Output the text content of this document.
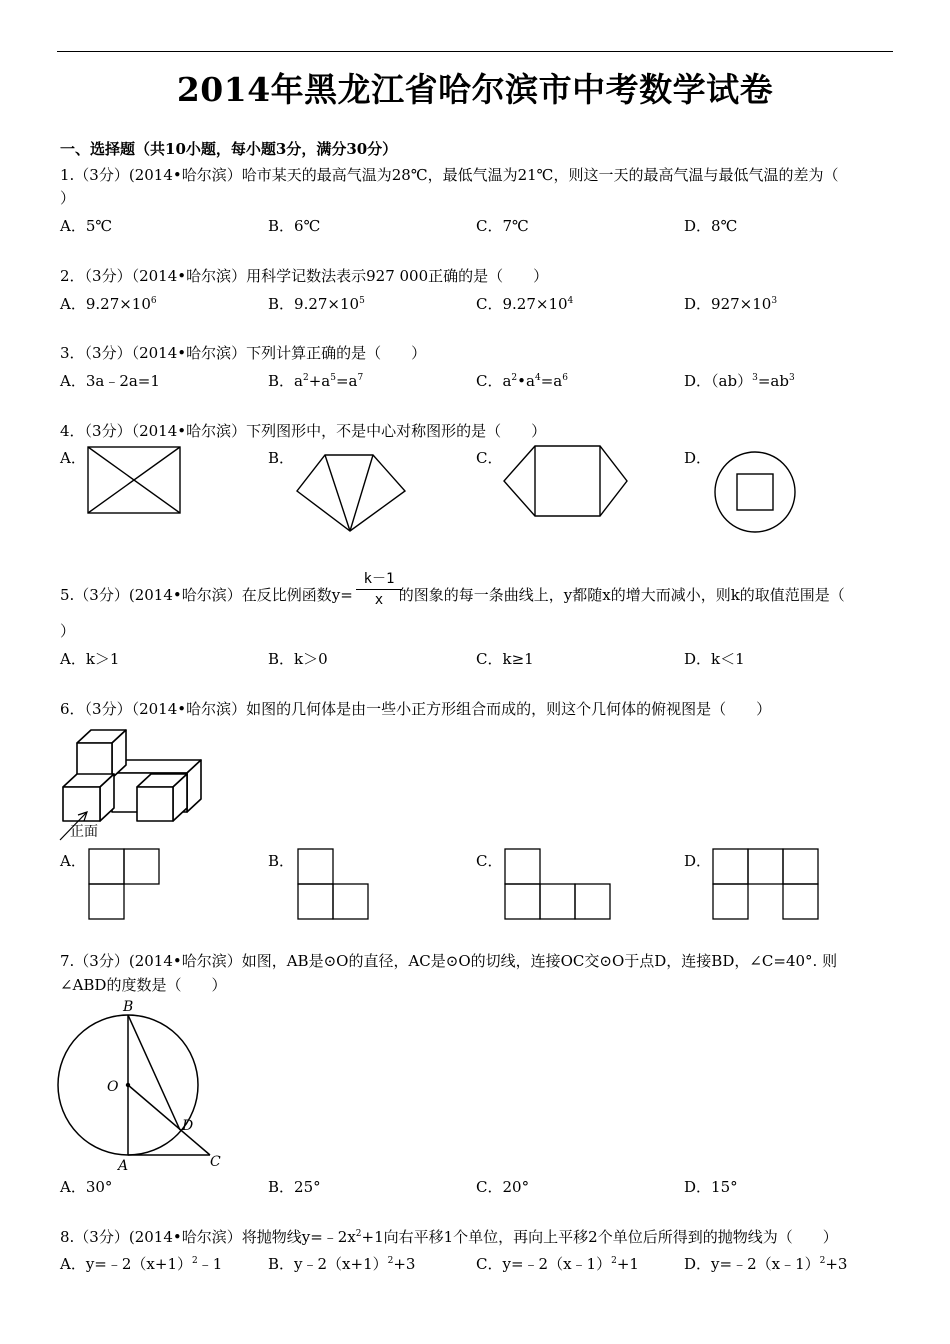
2014年黑龙江省哈尔滨市中考数学试卷
一、选择题（共10小题，每小题3分，满分30分）
1.（3分）(2014•哈尔滨）哈市某天的最高气温为28℃，最低气温为21℃，则这一天的最高气温与最低气温的差为（
）
A．5℃	B．6℃	C．7℃	D．8℃
2．（3分）（2014•哈尔滨）用科学记数法表示927 000正确的是（　　）
A．$9.27\times 10^6$	B．$9.27\times 10^5$	C．$9.27\times 10^4$	D．$927\times 10^3$
3．（3分）（2014•哈尔滨）下列计算正确的是（　　）
A．3a﹣2a=1	B．$a^2+a^5=a^7$	C．$a^2•a^4=a^6$	D．$(ab)^3=ab^3$
4．（3分）（2014•哈尔滨）下列图形中，不是中心对称图形的是（　　）
A．	B．	C．	D．
5.（3分）(2014•哈尔滨）在反比例函数y=	的图象的每一条曲线上，y都随x的增大而减小，则k的取值范围是（
k－1
x
）
A．k＞1	B．k＞0	C．k≥1	D．k＜1
6．（3分）（2014•哈尔滨）如图的几何体是由一些小正方形组合而成的，则这个几何体的俯视图是（　　）
正面
A．	B．	C．	D．
7.（3分）(2014•哈尔滨）如图，AB是⊙O的直径，AC是⊙O的切线，连接OC交⊙O于点D，连接BD，∠C=40°. 则
∠ABD的度数是（　　）
B
O
D
A	C
A．30°	B．25°	C．20°	D．15°
8.（3分）(2014•哈尔滨）将抛物线$y=﹣2x^2+1$向右平移1个单位，再向上平移2个单位后所得到的抛物线为（　　）
A．$y=﹣2(x+1)^2﹣1$	B．$y﹣2(x+1)^2+3$	C．y=﹣2（x﹣1）$^2$+1	D．y=﹣2（x﹣1）$^2$+3
